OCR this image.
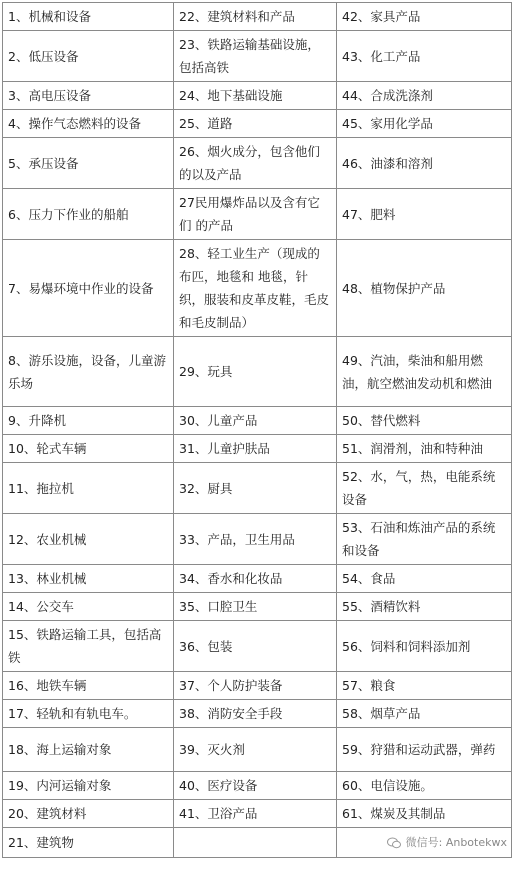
1、机械和设备	22、建筑材料和产品	42、家具产品
2、低压设备	23、铁路运输基础设施，包括高铁	43、化工产品
3、高电压设备	24、地下基础设施	44、合成洗涤剂
4、操作气态燃料的设备	25、道路	45、家用化学品
5、承压设备	26、烟火成分，包含他们的以及产品	46、油漆和溶剂
6、压力下作业的船舶	27民用爆炸品以及含有它们 的产品	47、肥料
7、易爆环境中作业的设备	28、轻工业生产（现成的布匹，地毯和 地毯，针织，服装和皮革皮鞋，毛皮和毛皮制品）	48、植物保护产品
8、游乐设施，设备，儿童游乐场	29、玩具	49、汽油，柴油和船用燃油，航空燃油发动机和燃油
9、升降机	30、儿童产品	50、替代燃料
10、轮式车辆	31、儿童护肤品	51、润滑剂，油和特种油
11、拖拉机	32、厨具	52、水，气，热，电能系统设备
12、农业机械	33、产品，卫生用品	53、石油和炼油产品的系统和设备
13、林业机械	34、香水和化妆品	54、食品
14、公交车	35、口腔卫生	55、酒精饮料
15、铁路运输工具，包括高铁	36、包装	56、饲料和饲料添加剂
16、地铁车辆	37、个人防护装备	57、粮食
17、轻轨和有轨电车。	38、消防安全手段	58、烟草产品
18、海上运输对象	39、灭火剂	59、狩猎和运动武器，弹药
19、内河运输对象	40、医疗设备	60、电信设施。
20、建筑材料	41、卫浴产品	61、煤炭及其制品
21、建筑物		微信号: Anbotekwx
